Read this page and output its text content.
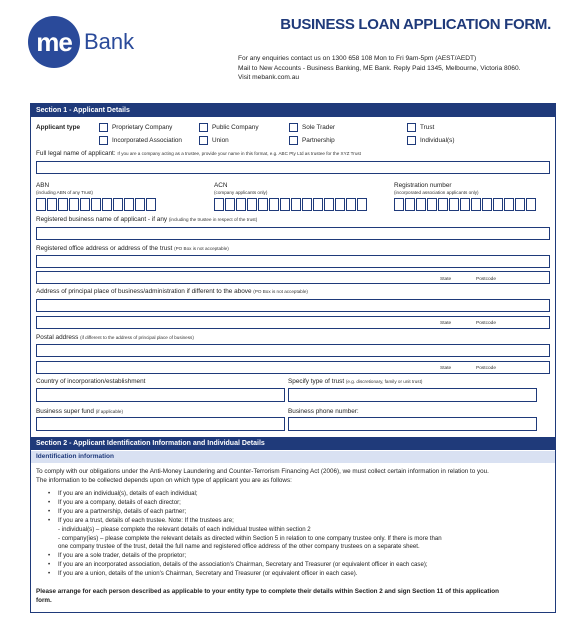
me Bank
BUSINESS LOAN APPLICATION FORM.
For any enquiries contact us on 1300 658 108 Mon to Fri 9am-5pm (AEST/AEDT)
Mail to New Accounts - Business Banking, ME Bank. Reply Paid 1345, Melbourne, Victoria 8060.
Visit mebank.com.au
Section 1 - Applicant Details
Applicant type	Proprietary Company	Public Company	Sole Trader	Trust
Incorporated Association	Union	Partnership	Individual(s)
Full legal name of applicant: If you are a company acting as a trustee, provide your name in this format, e.g. ABC Pty Ltd as trustee for the XYZ Trust
ABN
(including ABN of any Trust)
ACN
(company applicants only)
Registration number
(incorporated association applicants only)
Registered business name of applicant - if any (including the trustee in respect of the trust)
Registered office address or address of the trust (PO Box is not acceptable)
State	Postcode
Address of principal place of business/administration if different to the above (PO Box is not acceptable)
State	Postcode
Postal address (if different to the address of principal place of business)
State	Postcode
Country of incorporation/establishment	Specify type of trust (e.g. discretionary, family or unit trust)
Business super fund (if applicable)	Business phone number:
Section 2 - Applicant Identification Information and Individual Details
Identification information
To comply with our obligations under the Anti-Money Laundering and Counter-Terrorism Financing Act (2006), we must collect certain information in relation to you.
The information to be collected depends upon on which type of applicant you are as follows:
• If you are an individual(s), details of each individual;
• If you are a company, details of each director;
• If you are a partnership, details of each partner;
• If you are a trust, details of each trustee. Note: If the trustees are;
- individual(s) – please complete the relevant details of each individual trustee within section 2
- company(ies) – please complete the relevant details as directed within Section 5 in relation to one company trustee only. If there is more than
one company trustee of the trust, detail the full name and registered office address of the other company trustees on a separate sheet.
• If you are a sole trader, details of the proprietor;
• If you are an incorporated association, details of the association's Chairman, Secretary and Treasurer (or equivalent officer in each case);
• If you are a union, details of the union's Chairman, Secretary and Treasurer (or equivalent officer in each case).
Please arrange for each person described as applicable to your entity type to complete their details within Section 2 and sign Section 11 of this application
form.
